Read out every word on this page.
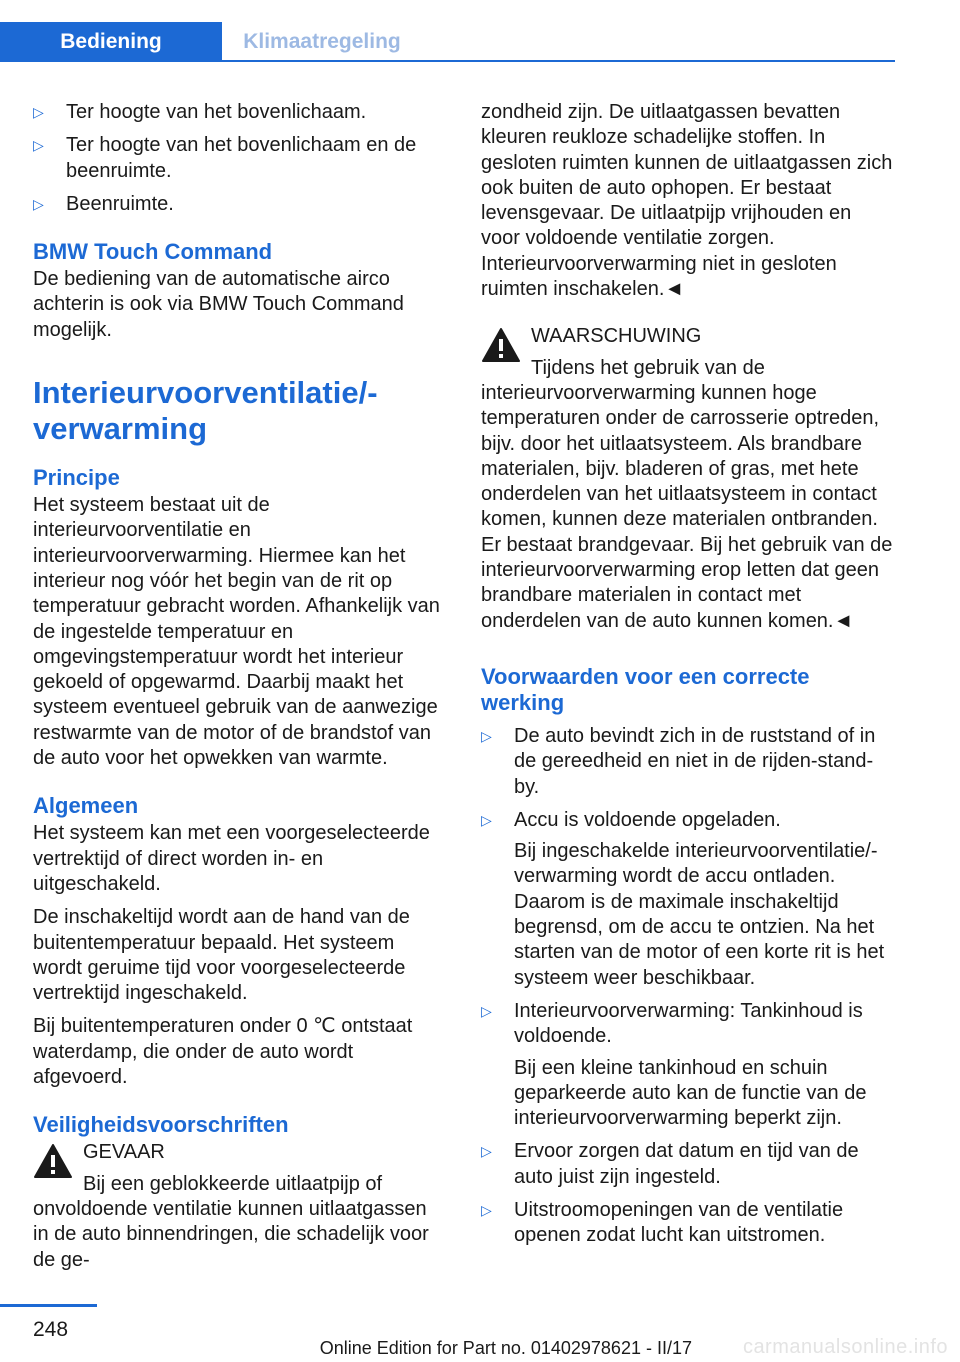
Bediening	Klimaatregeling
▷ Ter hoogte van het bovenlichaam.

▷ Ter hoogte van het bovenlichaam en de beenruimte.

▷ Beenruimte.

BMW Touch Command

De bediening van de automatische airco achterin is ook via BMW Touch Command mogelijk.

Interieurvoorventilatie/-verwarming
Principe

Het systeem bestaat uit de interieurvoorventilatie en interieurvoorverwarming. Hiermee kan het interieur nog vóór het begin van de rit op temperatuur gebracht worden. Afhankelijk van de ingestelde temperatuur en omgevingstemperatuur wordt het interieur gekoeld of opgewarmd. Daarbij maakt het systeem eventueel gebruik van de aanwezige restwarmte van de motor of de brandstof van de auto voor het opwekken van warmte.

Algemeen

Het systeem kan met een voorgeselecteerde vertrektijd of direct worden in- en uitgeschakeld.

De inschakeltijd wordt aan de hand van de buitentemperatuur bepaald. Het systeem wordt geruime tijd voor voorgeselecteerde vertrektijd ingeschakeld.

Bij buitentemperaturen onder 0 ℃ ontstaat waterdamp, die onder de auto wordt afgevoerd.

Veiligheidsvoorschriften

GEVAAR

Bij een geblokkeerde uitlaatpijp of onvoldoende ventilatie kunnen uitlaatgassen in de auto binnendringen, die schadelijk voor de ge-

zondheid zijn. De uitlaatgassen bevatten kleuren reukloze schadelijke stoffen. In gesloten ruimten kunnen de uitlaatgassen zich ook buiten de auto ophopen. Er bestaat levensgevaar. De uitlaatpijp vrijhouden en voor voldoende ventilatie zorgen. Interieurvoorverwarming niet in gesloten ruimten inschakelen.◄

WAARSCHUWING

Tijdens het gebruik van de interieurvoorverwarming kunnen hoge temperaturen onder de carrosserie optreden, bijv. door het uitlaatsysteem. Als brandbare materialen, bijv. bladeren of gras, met hete onderdelen van het uitlaatsysteem in contact komen, kunnen deze materialen ontbranden. Er bestaat brandgevaar. Bij het gebruik van de interieurvoorverwarming erop letten dat geen brandbare materialen in contact met onderdelen van de auto kunnen komen.◄

Voorwaarden voor een correcte werking
▷ De auto bevindt zich in de ruststand of in de gereedheid en niet in de rijden-stand-by.

▷ Accu is voldoende opgeladen.

Bij ingeschakelde interieurvoorventilatie/-verwarming wordt de accu ontladen. Daarom is de maximale inschakeltijd begrensd, om de accu te ontzien. Na het starten van de motor of een korte rit is het systeem weer beschikbaar.

▷ Interieurvoorverwarming: Tankinhoud is voldoende.

Bij een kleine tankinhoud en schuin geparkeerde auto kan de functie van de interieurvoorverwarming beperkt zijn.

▷ Ervoor zorgen dat datum en tijd van de auto juist zijn ingesteld.

▷ Uitstroomopeningen van de ventilatie openen zodat lucht kan uitstromen.

248
Online Edition for Part no. 01402978621 - II/17	carmanualsonline.info
